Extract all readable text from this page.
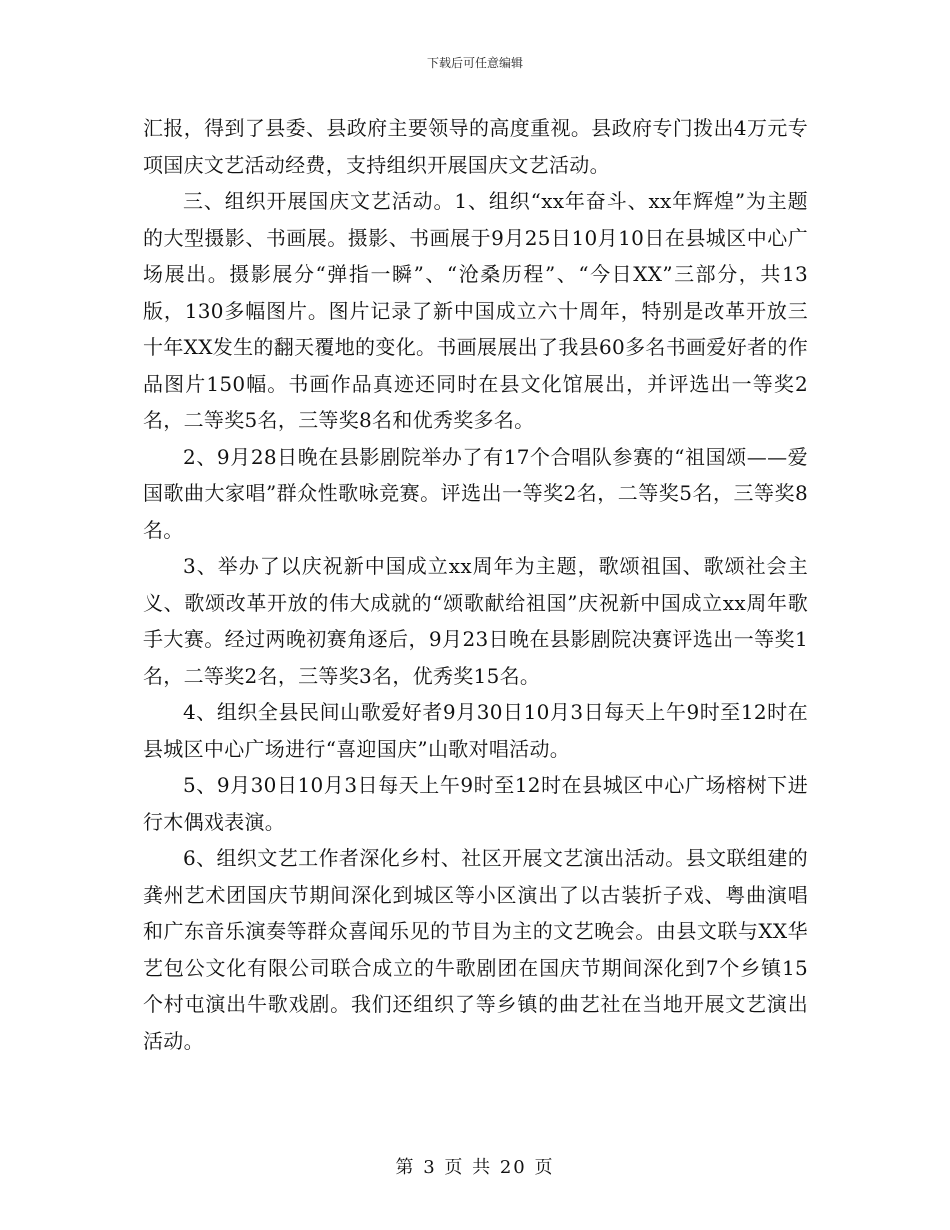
下载后可任意编辑

汇报，得到了县委、县政府主要领导的高度重视。县政府专门拨出4万元专项国庆文艺活动经费，支持组织开展国庆文艺活动。

三、组织开展国庆文艺活动。1、组织“xx年奋斗、xx年辉煌”为主题的大型摄影、书画展。摄影、书画展于9月25日10月10日在县城区中心广场展出。摄影展分“弹指一瞬”、“沧桑历程”、“今日XX”三部分，共13版，130多幅图片。图片记录了新中国成立六十周年，特别是改革开放三十年XX发生的翻天覆地的变化。书画展展出了我县60多名书画爱好者的作品图片150幅。书画作品真迹还同时在县文化馆展出，并评选出一等奖2名，二等奖5名，三等奖8名和优秀奖多名。

2、9月28日晚在县影剧院举办了有17个合唱队参赛的“祖国颂——爱国歌曲大家唱”群众性歌咏竞赛。评选出一等奖2名，二等奖5名，三等奖8名。

3、举办了以庆祝新中国成立xx周年为主题，歌颂祖国、歌颂社会主义、歌颂改革开放的伟大成就的“颂歌献给祖国”庆祝新中国成立xx周年歌手大赛。经过两晚初赛角逐后，9月23日晚在县影剧院决赛评选出一等奖1名，二等奖2名，三等奖3名，优秀奖15名。

4、组织全县民间山歌爱好者9月30日10月3日每天上午9时至12时在县城区中心广场进行“喜迎国庆”山歌对唱活动。

5、9月30日10月3日每天上午9时至12时在县城区中心广场榕树下进行木偶戏表演。

6、组织文艺工作者深化乡村、社区开展文艺演出活动。县文联组建的龚州艺术团国庆节期间深化到城区等小区演出了以古装折子戏、粤曲演唱和广东音乐演奏等群众喜闻乐见的节目为主的文艺晚会。由县文联与XX华艺包公文化有限公司联合成立的牛歌剧团在国庆节期间深化到7个乡镇15个村屯演出牛歌戏剧。我们还组织了等乡镇的曲艺社在当地开展文艺演出活动。

第 3 页 共 20 页
